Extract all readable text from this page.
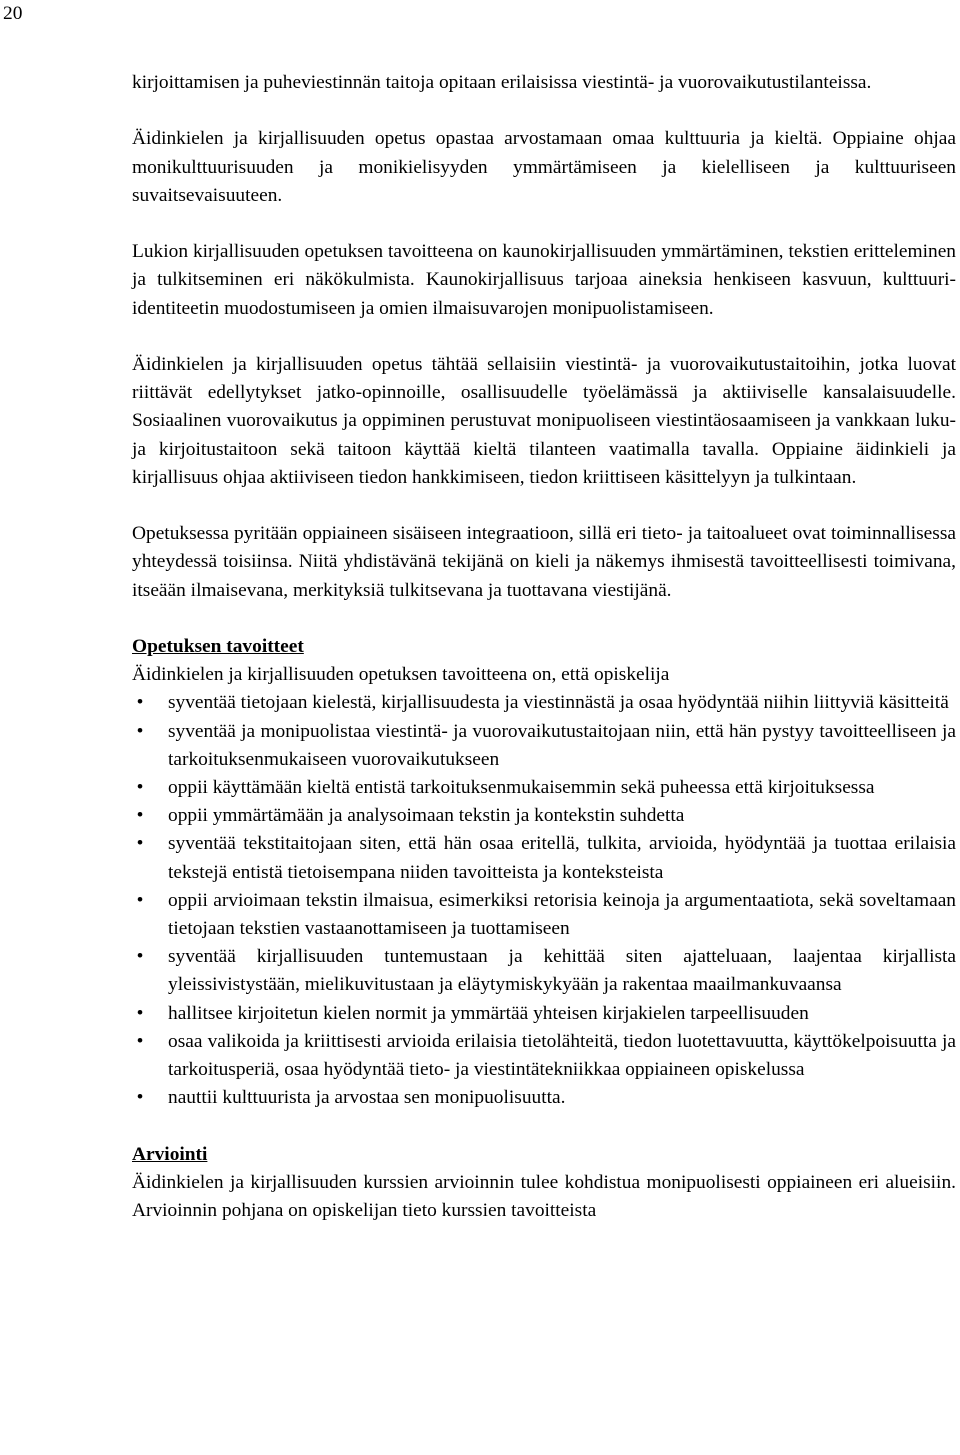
20

kirjoittamisen ja puheviestinnän taitoja opitaan erilaisissa viestintä- ja vuorovaikutustilanteissa.

Äidinkielen ja kirjallisuuden opetus opastaa arvostamaan omaa kulttuuria ja kieltä. Oppiaine ohjaa monikulttuurisuuden ja monikielisyyden ymmärtämiseen ja kielelliseen ja kulttuuriseen suvaitsevaisuuteen.

Lukion kirjallisuuden opetuksen tavoitteena on kaunokirjallisuuden ymmärtäminen, tekstien eritteleminen ja tulkitseminen eri näkökulmista. Kaunokirjallisuus tarjoaa aineksia henkiseen kasvuun, kulttuuri-identiteetin muodostumiseen ja omien ilmaisuvarojen monipuolistamiseen.

Äidinkielen ja kirjallisuuden opetus tähtää sellaisiin viestintä- ja vuorovaikutustaitoihin, jotka luovat riittävät edellytykset jatko-opinnoille, osallisuudelle työelämässä ja aktiiviselle kansalaisuudelle. Sosiaalinen vuorovaikutus ja oppiminen perustuvat monipuoliseen viestintäosaamiseen ja vankkaan luku- ja kirjoitustaitoon sekä taitoon käyttää kieltä tilanteen vaatimalla tavalla. Oppiaine äidinkieli ja kirjallisuus ohjaa aktiiviseen tiedon hankkimiseen, tiedon kriittiseen käsittelyyn ja tulkintaan.

Opetuksessa pyritään oppiaineen sisäiseen integraatioon, sillä eri tieto- ja taitoalueet ovat toiminnallisessa yhteydessä toisiinsa. Niitä yhdistävänä tekijänä on kieli ja näkemys ihmisestä tavoitteellisesti toimivana, itseään ilmaisevana, merkityksiä tulkitsevana ja tuottavana viestijänä.

Opetuksen tavoitteet
Äidinkielen ja kirjallisuuden opetuksen tavoitteena on, että opiskelija
• syventää tietojaan kielestä, kirjallisuudesta ja viestinnästä ja osaa hyödyntää niihin liittyviä käsitteitä
• syventää ja monipuolistaa viestintä- ja vuorovaikutustaitojaan niin, että hän pystyy tavoitteelliseen ja tarkoituksenmukaiseen vuorovaikutukseen
• oppii käyttämään kieltä entistä tarkoituksenmukaisemmin sekä puheessa että kirjoituksessa
• oppii ymmärtämään ja analysoimaan tekstin ja kontekstin suhdetta
• syventää tekstitaitojaan siten, että hän osaa eritellä, tulkita, arvioida, hyödyntää ja tuottaa erilaisia tekstejä entistä tietoisempana niiden tavoitteista ja konteksteista
• oppii arvioimaan tekstin ilmaisua, esimerkiksi retorisia keinoja ja argumentaatiota, sekä soveltamaan tietojaan tekstien vastaanottamiseen ja tuottamiseen
• syventää kirjallisuuden tuntemustaan ja kehittää siten ajatteluaan, laajentaa kirjallista yleissivistystään, mielikuvitustaan ja eläytymiskykyään ja rakentaa maailmankuvaansa
• hallitsee kirjoitetun kielen normit ja ymmärtää yhteisen kirjakielen tarpeellisuuden
• osaa valikoida ja kriittisesti arvioida erilaisia tietolähteitä, tiedon luotettavuutta, käyttökelpoisuutta ja tarkoitusperiä, osaa hyödyntää tieto- ja viestintätekniikkaa oppiaineen opiskelussa
• nauttii kulttuurista ja arvostaa sen monipuolisuutta.
Arviointi

Äidinkielen ja kirjallisuuden kurssien arvioinnin tulee kohdistua monipuolisesti oppiaineen eri alueisiin. Arvioinnin pohjana on opiskelijan tieto kurssien tavoitteista
